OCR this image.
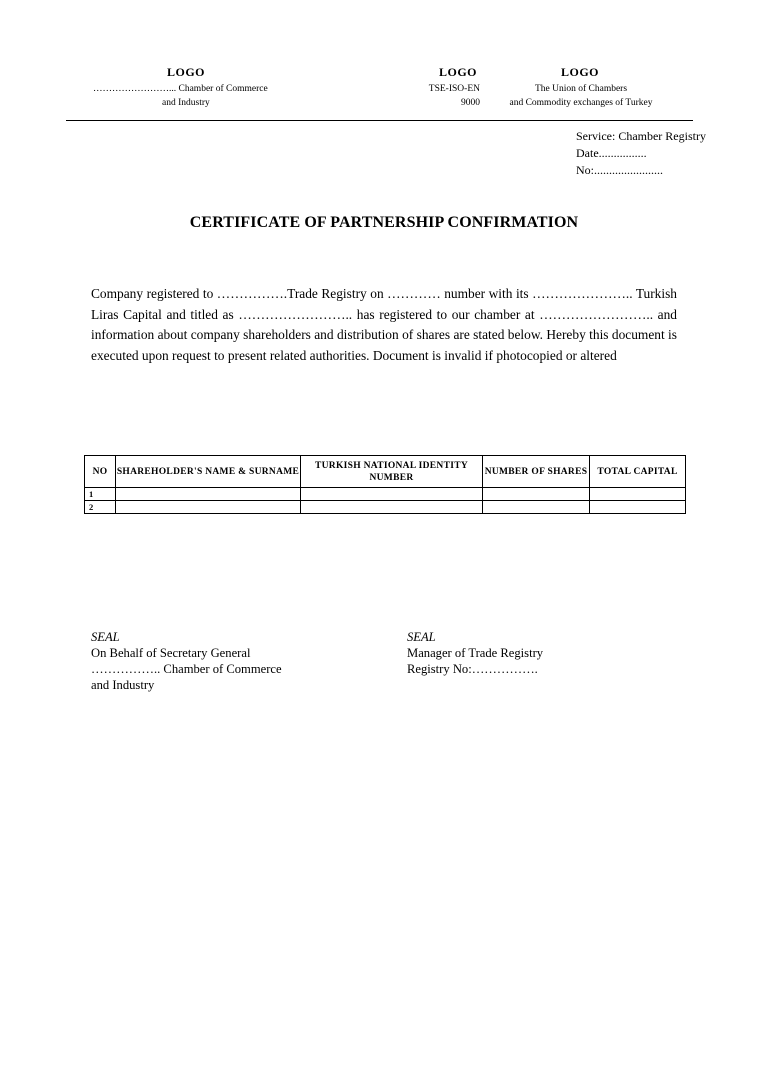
LOGO
……………………... Chamber of Commerce
and Industry
LOGO
TSE-ISO-EN
9000
LOGO
The Union of Chambers
and Commodity exchanges of Turkey
Service: Chamber Registry
Date................
No:.......................
CERTIFICATE OF PARTNERSHIP CONFIRMATION
Company registered to …………….Trade Registry on ………… number with its ………………….. Turkish Liras Capital and titled as …………………….. has registered to our chamber at …………………….. and information about company shareholders and distribution of shares are stated below. Hereby this document is executed upon request to present related authorities. Document is invalid if photocopied or altered
NO	SHAREHOLDER'S NAME & SURNAME	TURKISH NATIONAL IDENTITY NUMBER	NUMBER OF SHARES	TOTAL CAPITAL
1				
2				
SEAL
On Behalf of Secretary General
…………….. Chamber of Commerce
and Industry
SEAL
Manager of Trade Registry
Registry No:…………….
